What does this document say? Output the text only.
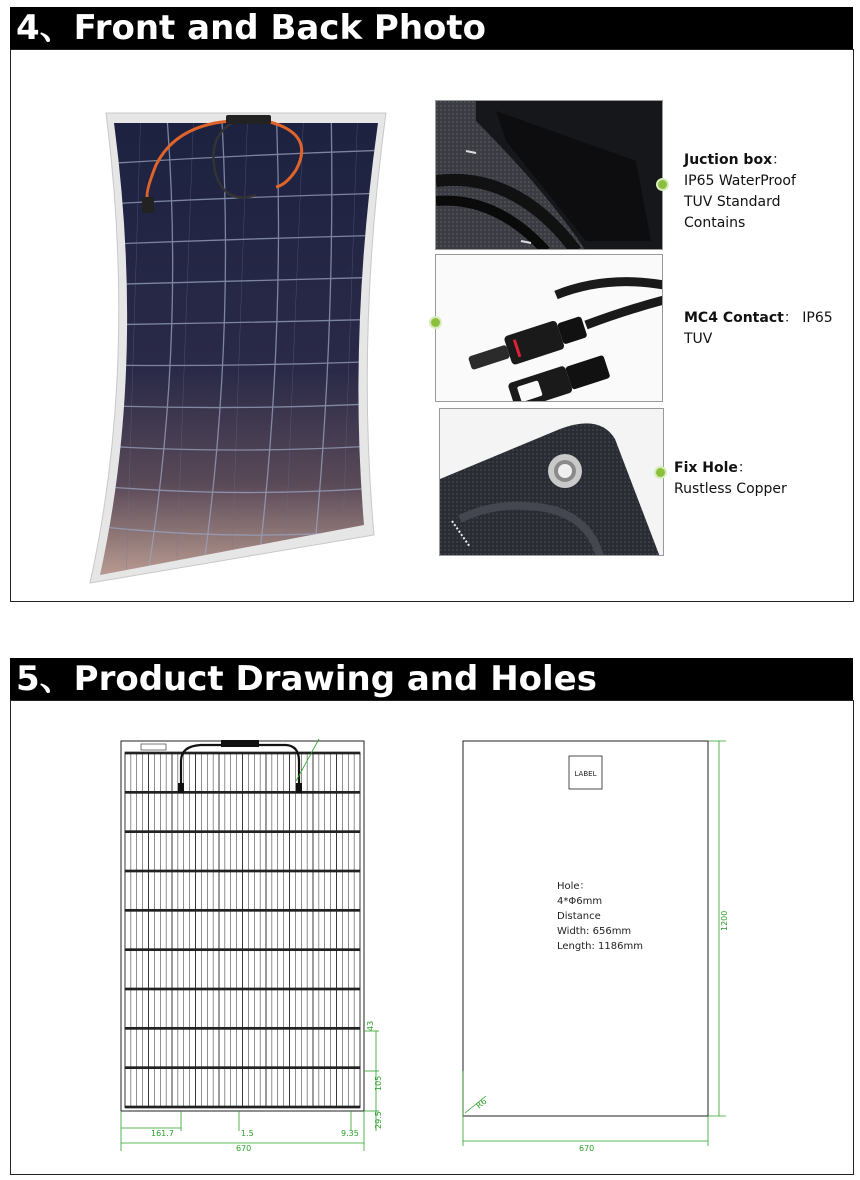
4、Front and Back Photo
Juction box：
IP65 WaterProof
TUV Standard
Contains
MC4 Contact： IP65
TUV
Fix Hole：
Rustless Copper
5、Product Drawing and Holes
161.7	1.5	9.35
670
105
29.5
43
LABEL
1200
670
R6
Hole：
4*Φ6mm
Distance
Width: 656mm
Length: 1186mm
